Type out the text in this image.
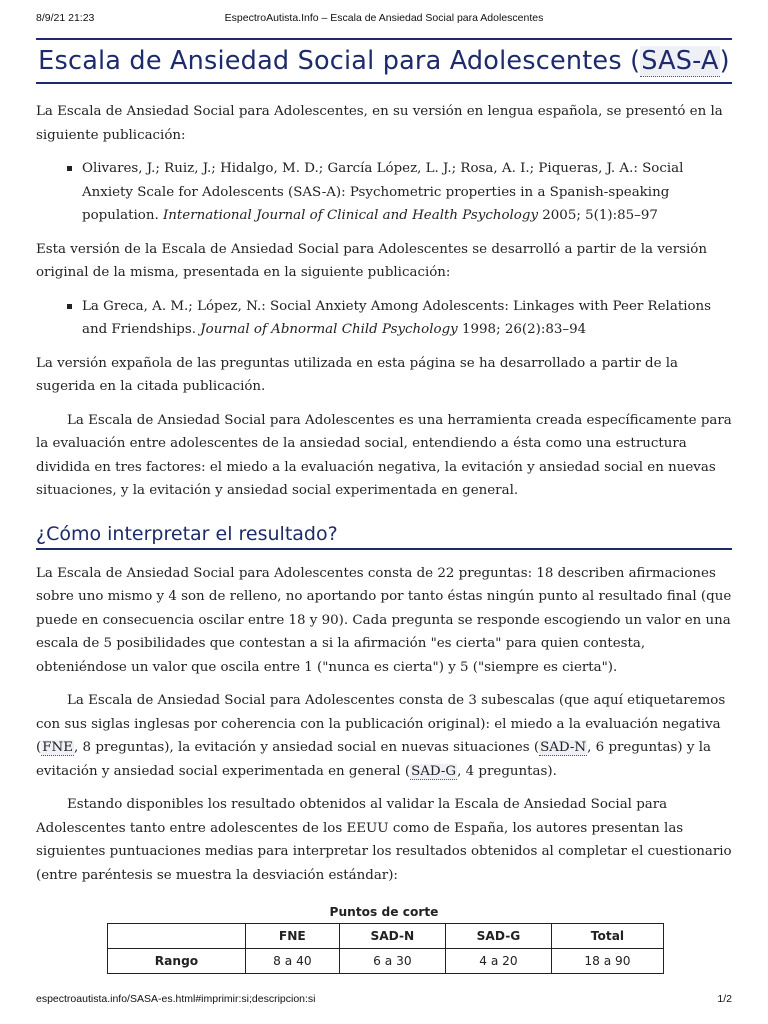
8/9/21 21:23	EspectroAutista.Info – Escala de Ansiedad Social para Adolescentes
Escala de Ansiedad Social para Adolescentes (SAS-A)

La Escala de Ansiedad Social para Adolescentes, en su versión en lengua española, se presentó en la siguiente publicación:

Olivares, J.; Ruiz, J.; Hidalgo, M. D.; García López, L. J.; Rosa, A. I.; Piqueras, J. A.: Social Anxiety Scale for Adolescents (SAS-A): Psychometric properties in a Spanish-speaking population. International Journal of Clinical and Health Psychology 2005; 5(1):85–97

Esta versión de la Escala de Ansiedad Social para Adolescentes se desarrolló a partir de la versión original de la misma, presentada en la siguiente publicación:

La Greca, A. M.; López, N.: Social Anxiety Among Adolescents: Linkages with Peer Relations and Friendships. Journal of Abnormal Child Psychology 1998; 26(2):83–94

La versión expañola de las preguntas utilizada en esta página se ha desarrollado a partir de la sugerida en la citada publicación.

La Escala de Ansiedad Social para Adolescentes es una herramienta creada específicamente para la evaluación entre adolescentes de la ansiedad social, entendiendo a ésta como una estructura dividida en tres factores: el miedo a la evaluación negativa, la evitación y ansiedad social en nuevas situaciones, y la evitación y ansiedad social experimentada en general.

¿Cómo interpretar el resultado?

La Escala de Ansiedad Social para Adolescentes consta de 22 preguntas: 18 describen afirmaciones sobre uno mismo y 4 son de relleno, no aportando por tanto éstas ningún punto al resultado final (que puede en consecuencia oscilar entre 18 y 90). Cada pregunta se responde escogiendo un valor en una escala de 5 posibilidades que contestan a si la afirmación "es cierta" para quien contesta, obteniéndose un valor que oscila entre 1 ("nunca es cierta") y 5 ("siempre es cierta").

La Escala de Ansiedad Social para Adolescentes consta de 3 subescalas (que aquí etiquetaremos con sus siglas inglesas por coherencia con la publicación original): el miedo a la evaluación negativa (FNE, 8 preguntas), la evitación y ansiedad social en nuevas situaciones (SAD-N, 6 preguntas) y la evitación y ansiedad social experimentada en general (SAD-G, 4 preguntas).

Estando disponibles los resultado obtenidos al validar la Escala de Ansiedad Social para Adolescentes tanto entre adolescentes de los EEUU como de España, los autores presentan las siguientes puntuaciones medias para interpretar los resultados obtenidos al completar el cuestionario (entre paréntesis se muestra la desviación estándar):

Puntos de corte
	FNE	SAD-N	SAD-G	Total
Rango	8 a 40	6 a 30	4 a 20	18 a 90
espectroautista.info/SASA-es.html#imprimir:si;descripcion:si	1/2
